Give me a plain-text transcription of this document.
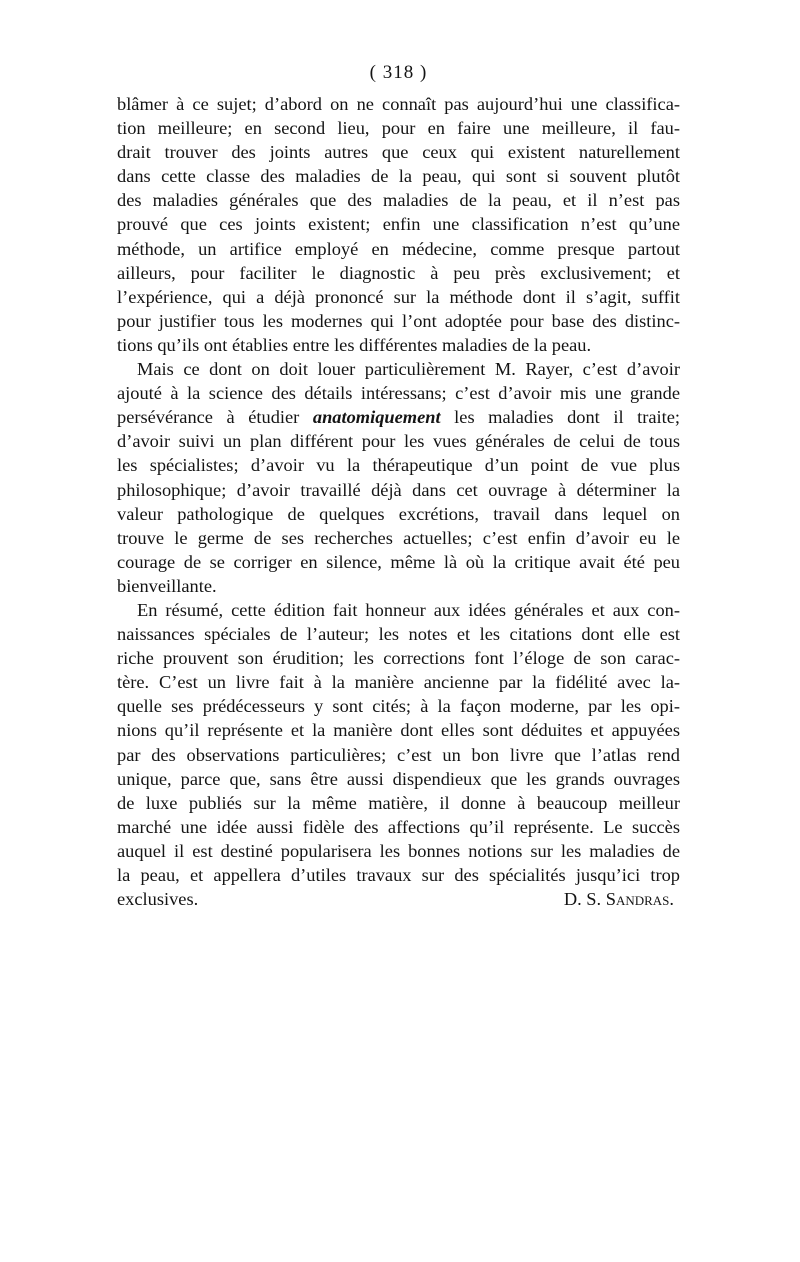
( 318 )
blâmer à ce sujet; d’abord on ne connaît pas aujourd’hui une classifica-
tion meilleure; en second lieu, pour en faire une meilleure, il fau-
drait trouver des joints autres que ceux qui existent naturellement
dans cette classe des maladies de la peau, qui sont si souvent plutôt
des maladies générales que des maladies de la peau, et il n’est pas
prouvé que ces joints existent; enfin une classification n’est qu’une
méthode, un artifice employé en médecine, comme presque partout
ailleurs, pour faciliter le diagnostic à peu près exclusivement; et
l’expérience, qui a déjà prononcé sur la méthode dont il s’agit, suffit
pour justifier tous les modernes qui l’ont adoptée pour base des distinc-
tions qu’ils ont établies entre les différentes maladies de la peau.
Mais ce dont on doit louer particulièrement M. Rayer, c’est d’avoir
ajouté à la science des détails intéressans; c’est d’avoir mis une grande
persévérance à étudier anatomiquement les maladies dont il traite;
d’avoir suivi un plan différent pour les vues générales de celui de tous
les spécialistes; d’avoir vu la thérapeutique d’un point de vue plus
philosophique; d’avoir travaillé déjà dans cet ouvrage à déterminer la
valeur pathologique de quelques excrétions, travail dans lequel on
trouve le germe de ses recherches actuelles; c’est enfin d’avoir eu le
courage de se corriger en silence, même là où la critique avait été peu
bienveillante.
En résumé, cette édition fait honneur aux idées générales et aux con-
naissances spéciales de l’auteur; les notes et les citations dont elle est
riche prouvent son érudition; les corrections font l’éloge de son carac-
tère. C’est un livre fait à la manière ancienne par la fidélité avec la-
quelle ses prédécesseurs y sont cités; à la façon moderne, par les opi-
nions qu’il représente et la manière dont elles sont déduites et appuyées
par des observations particulières; c’est un bon livre que l’atlas rend
unique, parce que, sans être aussi dispendieux que les grands ouvrages
de luxe publiés sur la même matière, il donne à beaucoup meilleur
marché une idée aussi fidèle des affections qu’il représente. Le succès
auquel il est destiné popularisera les bonnes notions sur les maladies de
la peau, et appellera d’utiles travaux sur des spécialités jusqu’ici trop
exclusives.	D. S. Sandras.
